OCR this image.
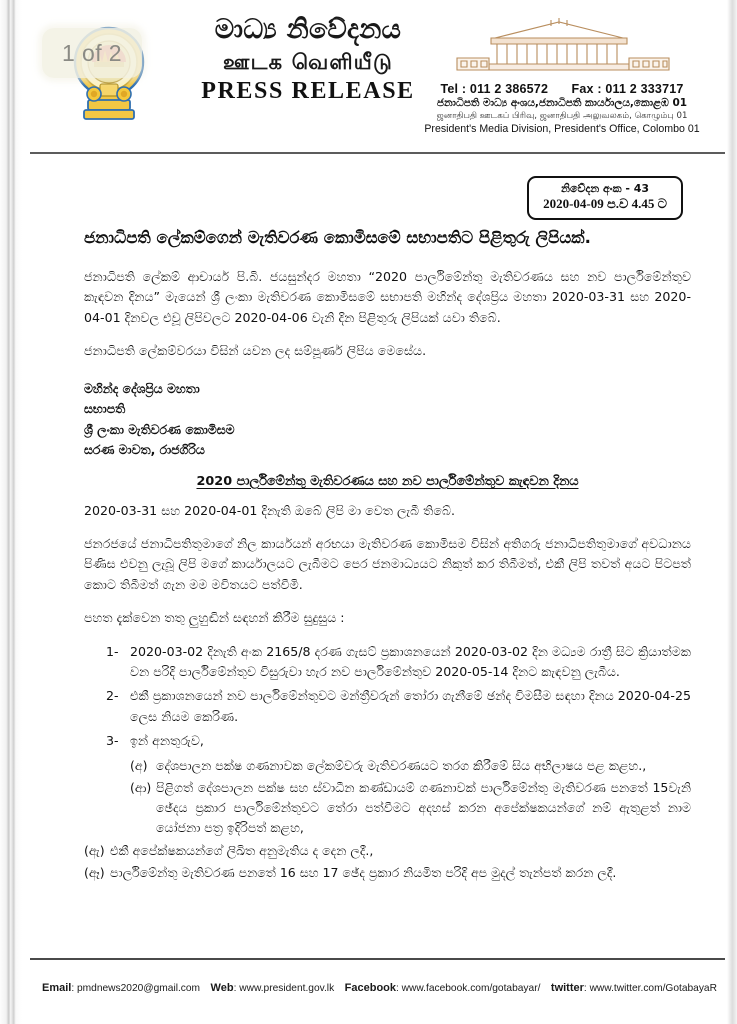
මාධ්‍ය නිවේදනය
ஊடக வெளியீடு
PRESS RELEASE	Tel : 011 2 386572 Fax : 011 2 333717
ජනාධිපති මාධ්‍ය අංශය,ජනාධිපති කාර්යාලය,කොළඹ 01
ஜனாதிபதி ஊடகப் பிரிவு, ஜனாதிபதி அலுவலகம், கொழும்பு 01
President's Media Division, President's Office, Colombo 01
නිවේදන අංක - 43
2020-04-09 ප.ව 4.45 ට
ජනාධිපති ලේකම්ගෙන් මැතිවරණ කොමිසමේ සභාපතිට පිළිතුරු ලිපියක්.
ජනාධිපති ලේකම් ආචාර්ය පි.බි. ජයසුන්දර මහතා “2020 පාර්ලිමේන්තු මැතිවරණය සහ නව පාර්ලිමේන්තුව කැඳවන දිනය” මැයෙන් ශ්‍රී ලංකා මැතිවරණ කොමිසමේ සභාපති මහින්ද දේශප්‍රිය මහතා 2020-03-31 සහ 2020-04-01 දිනවල එවූ ලිපිවලට 2020-04-06 වැනි දින පිළිතුරු ලිපියක් යවා තිබේ.
ජනාධිපති ලේකම්වරයා විසින් යවන ලද සම්පූර්ණ ලිපිය මෙසේය.
මහින්ද දේශප්‍රිය මහතා
සභාපති
ශ්‍රී ලංකා මැතිවරණ කොමිසම
සරණ මාවත, රාජගිරිය
2020 පාර්ලිමේන්තු මැතිවරණය සහ නව පාර්ලිමේන්තුව කැඳවන දිනය
2020-03-31 සහ 2020-04-01 දිනැති ඔබේ ලිපි මා වෙත ලැබී තිබේ.
ජනරජයේ ජනාධිපතිතුමාගේ නිල කාර්යයන් අරභයා මැතිවරණ කොමිසම විසින් අතිගරු ජනාධිපතිතුමාගේ අවධානය පිණිස එවනු ලැබූ ලිපි මගේ කාර්යාලයට ලැබීමට පෙර ජනමාධ්‍යයට නිකුත් කර තිබීමත්, එකී ලිපි තවත් අයට පිටපත් කොට තිබීමත් ගැන මම මවිතයට පත්වීමි.
පහත දැක්වෙන තතු ලුහුඬින් සඳහන් කිරීම සුදුසුය :
1- 2020-03-02 දිනැති අංක 2165/8 දරණ ගැසට් ප්‍රකාශනයෙන් 2020-03-02 දින මධ්‍යම රාත්‍රී සිට ක්‍රියාත්මක වන පරිදි පාර්ලිමේන්තුව විසුරුවා හැර නව පාර්ලිමේන්තුව 2020-05-14 දිනට කැඳවනු ලැබීය.
2- එකී ප්‍රකාශනයෙන් නව පාර්ලිමේන්තුවට මන්ත්‍රීවරුන් තෝරා ගැනීමේ ඡන්ද විමසීම සඳහා දිනය 2020-04-25 ලෙස නියම කෙරිණ.
3- ඉන් අනතුරුව,
(අ) දේශපාලන පක්ෂ ගණනාවක ලේකම්වරු මැතිවරණයට තරග කිරීමේ සිය අභිලාෂය පළ කළහ.,
(ආ) පිළිගත් දේශපාලන පක්ෂ සහ ස්වාධීන කණ්ඩායම් ගණනාවක් පාර්ලිමේන්තු මැතිවරණ පනතේ 15වැනි ඡේදය ප්‍රකාර පාර්ලිමේන්තුවට තේරා පත්වීමට අදහස් කරන අපේක්ෂකයන්ගේ නම් ඇතුළත් නාම යෝජනා පත්‍ර ඉදිරිපත් කළහ,
(ඇ) එකී අපේක්ෂකයන්ගේ ලිඛිත අනුමැතිය ද දෙන ලදී.,
(ඈ) පාර්ලිමේන්තු මැතිවරණ පනතේ 16 සහ 17 ඡේද ප්‍රකාර නියමිත පරිදි අප මුදල් තැන්පත් කරන ලදී.
Email: pmdnews2020@gmail.com Web: www.president.gov.lk Facebook: www.facebook.com/gotabayar/ twitter: www.twitter.com/GotabayaR
1 of 2
